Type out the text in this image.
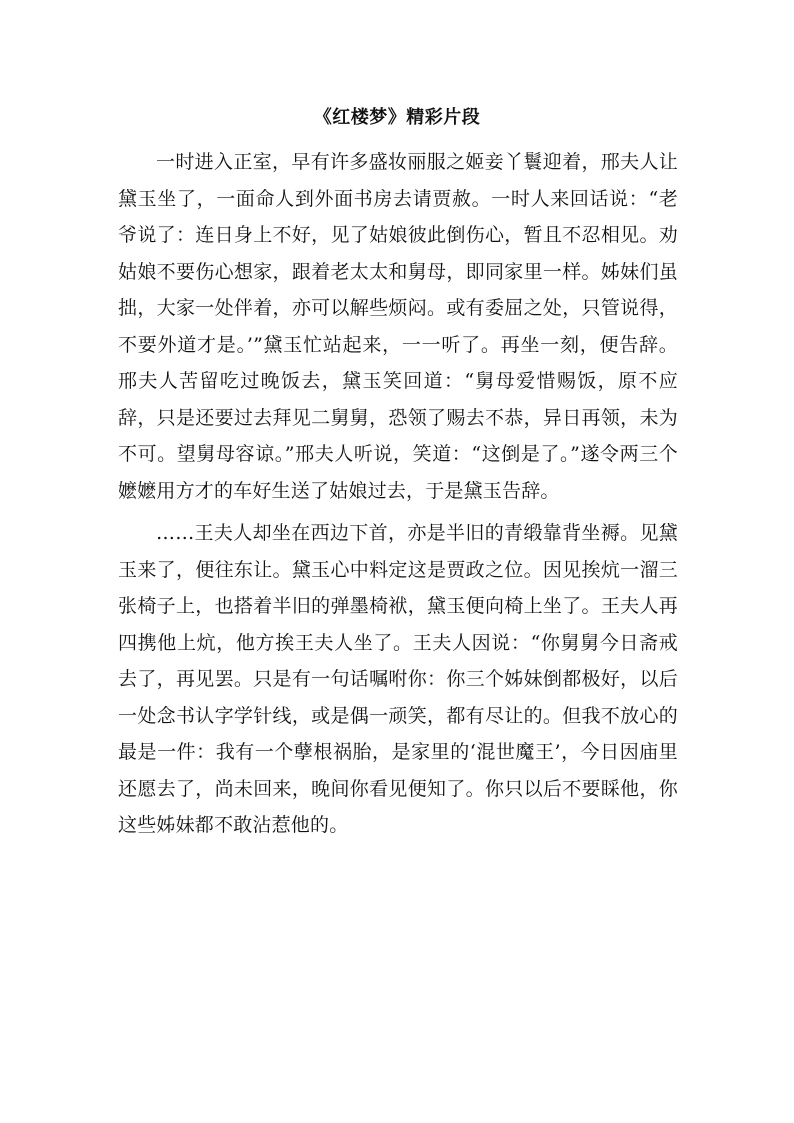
《红楼梦》精彩片段

一时进入正室，早有许多盛妆丽服之姬妾丫鬟迎着，邢夫人让黛玉坐了，一面命人到外面书房去请贾赦。一时人来回话说：“老爷说了：连日身上不好，见了姑娘彼此倒伤心，暂且不忍相见。劝姑娘不要伤心想家，跟着老太太和舅母，即同家里一样。姊妹们虽拙，大家一处伴着，亦可以解些烦闷。或有委屈之处，只管说得，不要外道才是。’”黛玉忙站起来，一一听了。再坐一刻，便告辞。邢夫人苦留吃过晚饭去，黛玉笑回道：“舅母爱惜赐饭，原不应辞，只是还要过去拜见二舅舅，恐领了赐去不恭，异日再领，未为不可。望舅母容谅。”邢夫人听说，笑道：“这倒是了。”遂令两三个嬷嬷用方才的车好生送了姑娘过去，于是黛玉告辞。

……王夫人却坐在西边下首，亦是半旧的青缎靠背坐褥。见黛玉来了，便往东让。黛玉心中料定这是贾政之位。因见挨炕一溜三张椅子上，也搭着半旧的弹墨椅袱，黛玉便向椅上坐了。王夫人再四携他上炕，他方挨王夫人坐了。王夫人因说：“你舅舅今日斋戒去了，再见罢。只是有一句话嘱咐你：你三个姊妹倒都极好，以后一处念书认字学针线，或是偶一顽笑，都有尽让的。但我不放心的最是一件：我有一个孽根祸胎，是家里的‘混世魔王’，今日因庙里还愿去了，尚未回来，晚间你看见便知了。你只以后不要睬他，你这些姊妹都不敢沾惹他的。
